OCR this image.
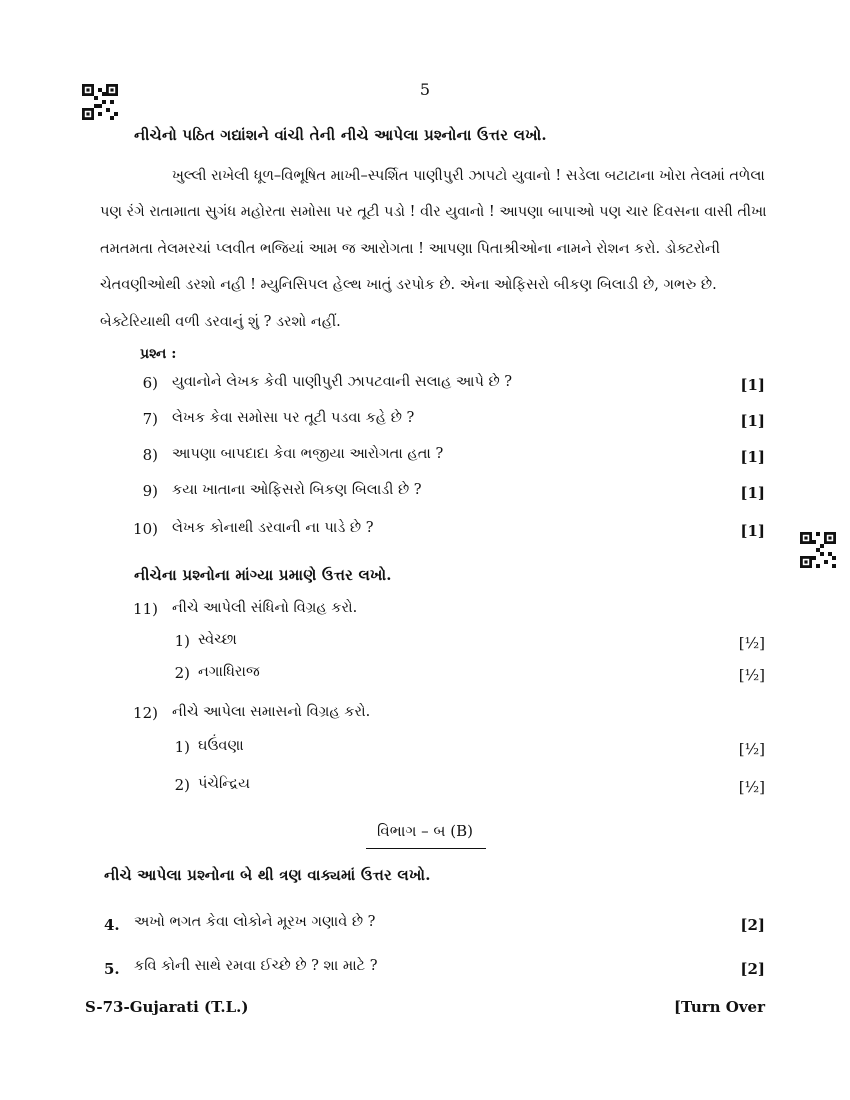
5
નીચેનો પઠિત ગદ્યાંશને વાંચી તેની નીચે આપેલા પ્રશ્નોના ઉત્તર લખો.
ખુલ્લી રાખેલી ધૂળ–વિભૂષિત માખી–સ્પર્શિત પાણીપુરી ઝાપટો યુવાનો ! સડેલા બટાટાના ખોરા તેલમાં તળેલા પણ રંગે રાતામાતા સુગંધ મહોરતા સમોસા પર તૂટી પડો ! વીર યુવાનો ! આપણા બાપાઓ પણ ચાર દિવસના વાસી તીખા તમતમતા તેલમરચાં પ્લવીત ભજિયાં આમ જ આરોગતા ! આપણા પિતાશ્રીઓના નામને રોશન કરો. ડોક્ટરોની ચેતવણીઓથી ડરશો નહી ! મ્યુનિસિપલ હેલ્થ ખાતું ડરપોક છે. એના ઓફિસરો બીકણ બિલાડી છે, ગભરુ છે. બેક્ટેરિયાથી વળી ડરવાનું શું ? ડરશો નહીં.
પ્રશ્ન :
6) યુવાનોને લેખક કેવી પાણીપુરી ઝાપટવાની સલાહ આપે છે ?	[1]
7) લેખક કેવા સમોસા પર તૂટી પડવા કહે છે ?	[1]
8) આપણા બાપદાદા કેવા ભજીયા આરોગતા હતા ?	[1]
9) કયા ખાતાના ઓફિસરો બિકણ બિલાડી છે ?	[1]
10) લેખક કોનાથી ડરવાની ના પાડે છે ?	[1]
નીચેના પ્રશ્નોના માંગ્યા પ્રમાણે ઉત્તર લખો.
11) નીચે આપેલી સંધિનો વિગ્રહ કરો.
1) સ્વેચ્છા	[½]
2) નગાધિરાજ	[½]
12) નીચે આપેલા સમાસનો વિગ્રહ કરો.
1) ઘઉંવણા	[½]
2) પંચેન્દ્રિય	[½]
વિભાગ – બ (B)
નીચે આપેલા પ્રશ્નોના બે થી ત્રણ વાક્યમાં ઉત્તર લખો.
4. અખો ભગત કેવા લોકોને મૂરખ ગણાવે છે ?	[2]
5. કવિ કોની સાથે રમવા ઈચ્છે છે ? શા માટે ?	[2]
S-73-Gujarati (T.L.)	[Turn Over
